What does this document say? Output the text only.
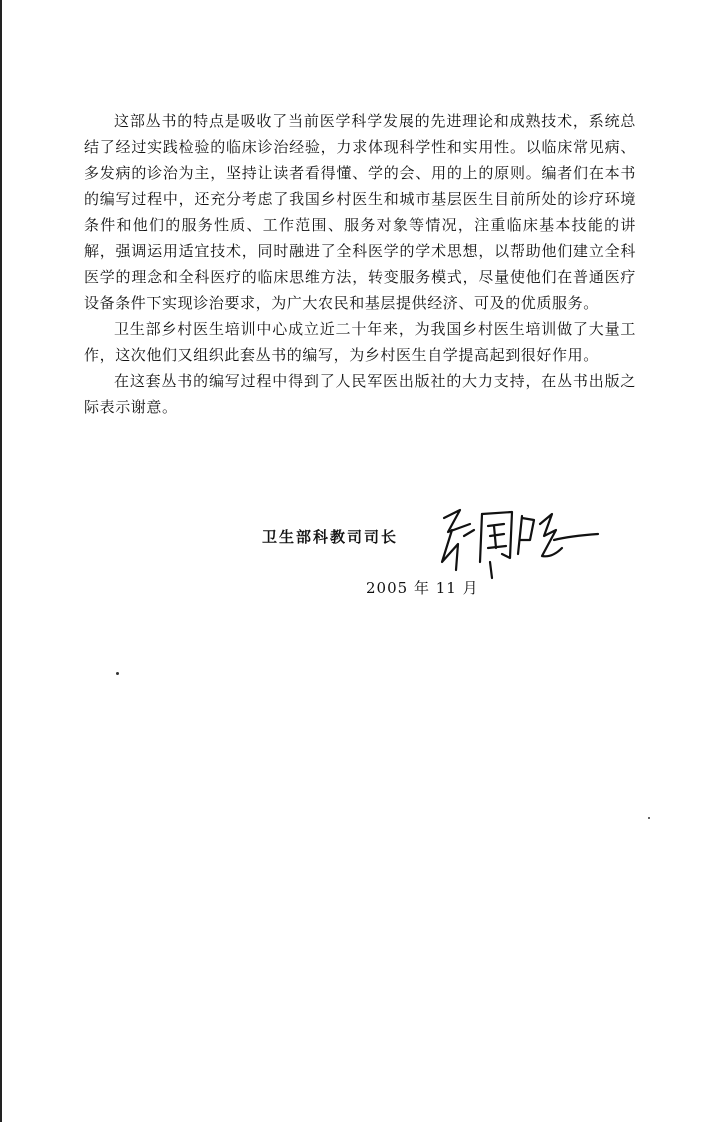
这部丛书的特点是吸收了当前医学科学发展的先进理论和成熟技术，系统总结了经过实践检验的临床诊治经验，力求体现科学性和实用性。以临床常见病、多发病的诊治为主，坚持让读者看得懂、学的会、用的上的原则。编者们在本书的编写过程中，还充分考虑了我国乡村医生和城市基层医生目前所处的诊疗环境条件和他们的服务性质、工作范围、服务对象等情况，注重临床基本技能的讲解，强调运用适宜技术，同时融进了全科医学的学术思想，以帮助他们建立全科医学的理念和全科医疗的临床思维方法，转变服务模式，尽量使他们在普通医疗设备条件下实现诊治要求，为广大农民和基层提供经济、可及的优质服务。

卫生部乡村医生培训中心成立近二十年来，为我国乡村医生培训做了大量工作，这次他们又组织此套丛书的编写，为乡村医生自学提高起到很好作用。

在这套丛书的编写过程中得到了人民军医出版社的大力支持，在丛书出版之际表示谢意。

卫生部科教司司长
2005 年 11 月
